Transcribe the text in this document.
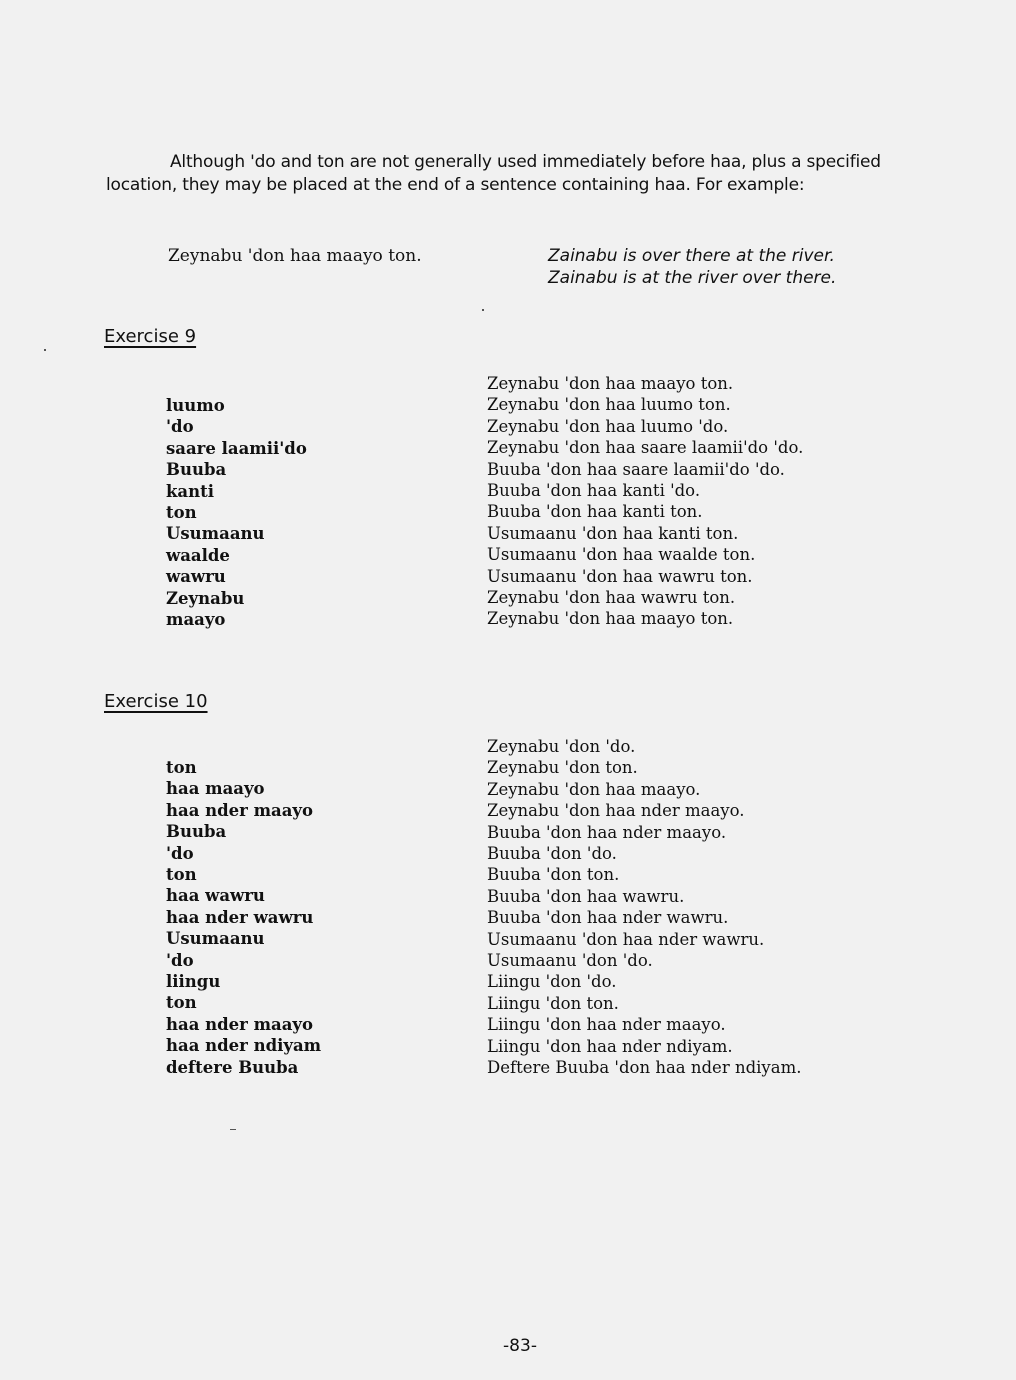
Although 'do and ton are not generally used immediately before haa, plus a specified location, they may be placed at the end of a sentence containing haa. For example:

Zeynabu 'don haa maayo ton.	Zainabu is over there at the river.
Zainabu is at the river over there.
Exercise 9
luumo
'do
saare laamii'do
Buuba
kanti
ton
Usumaanu
waalde
wawru
Zeynabu
maayo
Zeynabu 'don haa maayo ton.
Zeynabu 'don haa luumo ton.
Zeynabu 'don haa luumo 'do.
Zeynabu 'don haa saare laamii'do 'do.
Buuba 'don haa saare laamii'do 'do.
Buuba 'don haa kanti 'do.
Buuba 'don haa kanti ton.
Usumaanu 'don haa kanti ton.
Usumaanu 'don haa waalde ton.
Usumaanu 'don haa wawru ton.
Zeynabu 'don haa wawru ton.
Zeynabu 'don haa maayo ton.
Exercise 10
ton
haa maayo
haa nder maayo
Buuba
'do
ton
haa wawru
haa nder wawru
Usumaanu
'do
liingu
ton
haa nder maayo
haa nder ndiyam
deftere Buuba
Zeynabu 'don 'do.
Zeynabu 'don ton.
Zeynabu 'don haa maayo.
Zeynabu 'don haa nder maayo.
Buuba 'don haa nder maayo.
Buuba 'don 'do.
Buuba 'don ton.
Buuba 'don haa wawru.
Buuba 'don haa nder wawru.
Usumaanu 'don haa nder wawru.
Usumaanu 'don 'do.
Liingu 'don 'do.
Liingu 'don ton.
Liingu 'don haa nder maayo.
Liingu 'don haa nder ndiyam.
Deftere Buuba 'don haa nder ndiyam.
-83-
